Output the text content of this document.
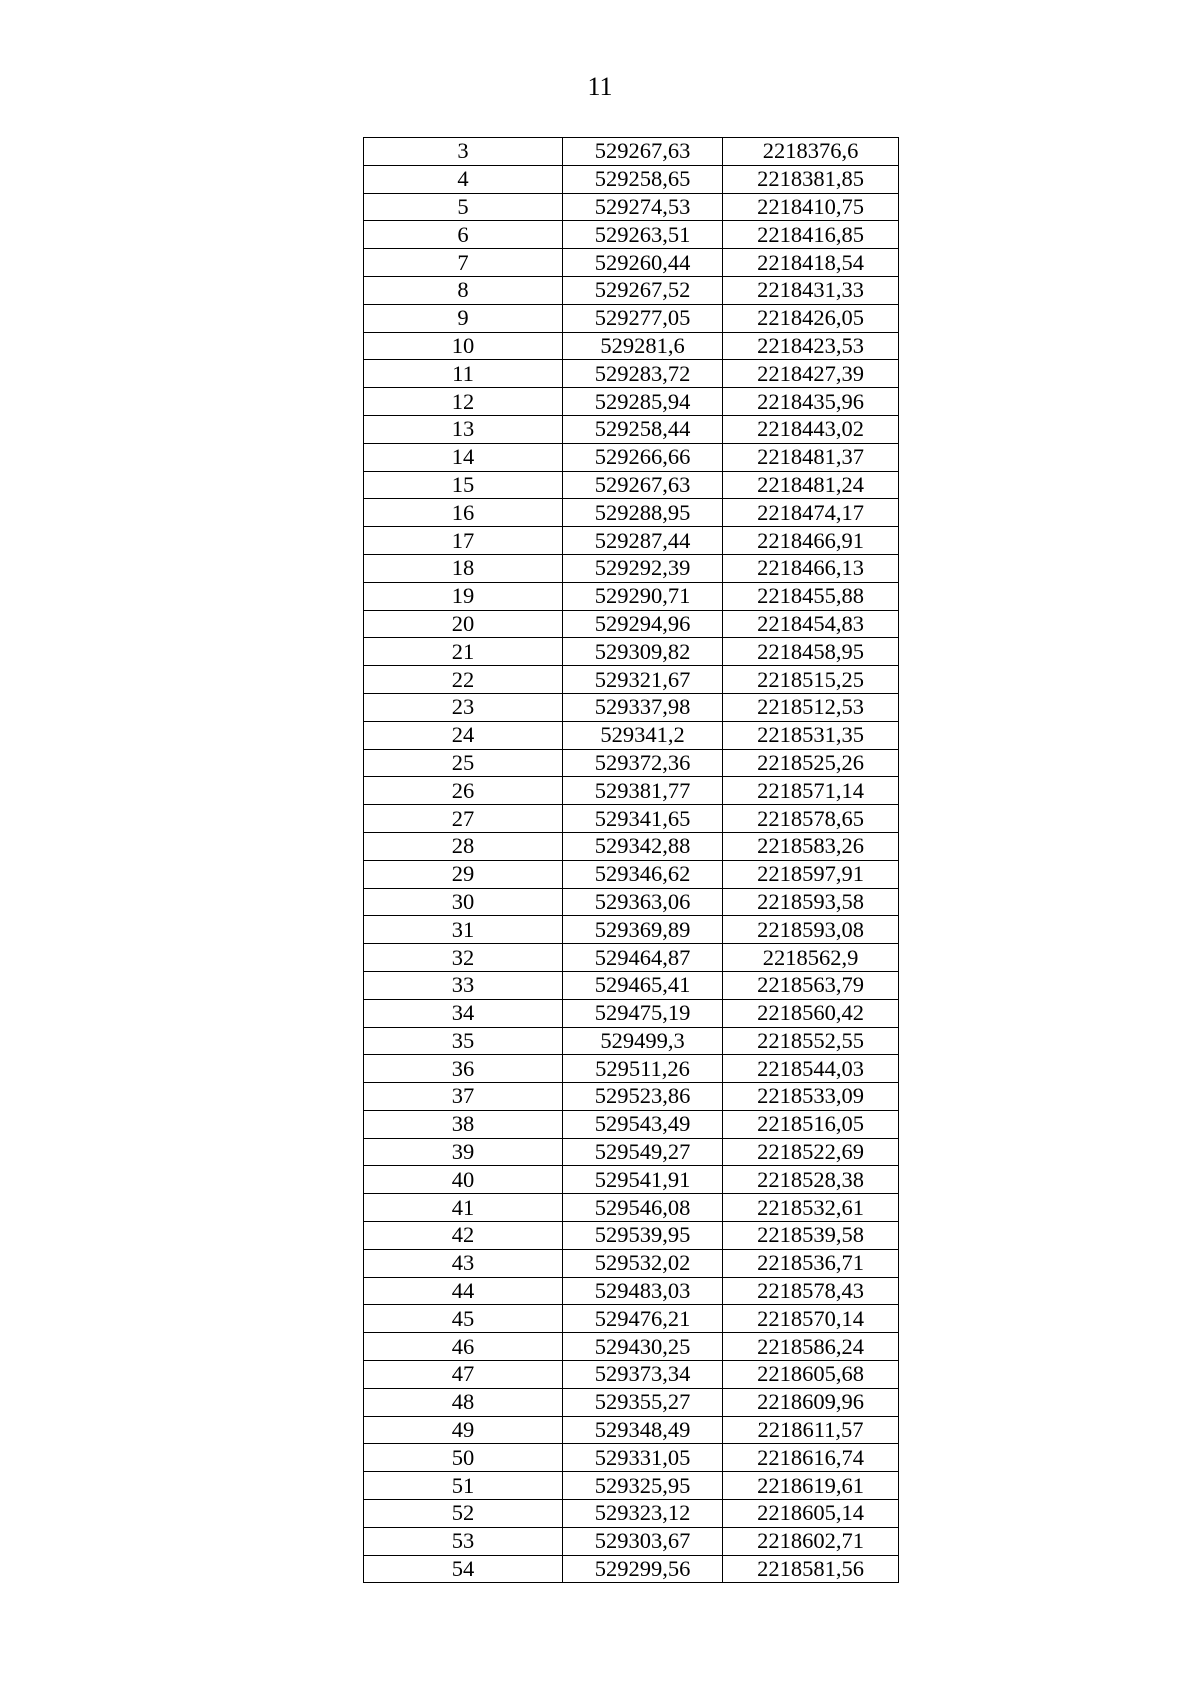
11
3	529267,63	2218376,6
4	529258,65	2218381,85
5	529274,53	2218410,75
6	529263,51	2218416,85
7	529260,44	2218418,54
8	529267,52	2218431,33
9	529277,05	2218426,05
10	529281,6	2218423,53
11	529283,72	2218427,39
12	529285,94	2218435,96
13	529258,44	2218443,02
14	529266,66	2218481,37
15	529267,63	2218481,24
16	529288,95	2218474,17
17	529287,44	2218466,91
18	529292,39	2218466,13
19	529290,71	2218455,88
20	529294,96	2218454,83
21	529309,82	2218458,95
22	529321,67	2218515,25
23	529337,98	2218512,53
24	529341,2	2218531,35
25	529372,36	2218525,26
26	529381,77	2218571,14
27	529341,65	2218578,65
28	529342,88	2218583,26
29	529346,62	2218597,91
30	529363,06	2218593,58
31	529369,89	2218593,08
32	529464,87	2218562,9
33	529465,41	2218563,79
34	529475,19	2218560,42
35	529499,3	2218552,55
36	529511,26	2218544,03
37	529523,86	2218533,09
38	529543,49	2218516,05
39	529549,27	2218522,69
40	529541,91	2218528,38
41	529546,08	2218532,61
42	529539,95	2218539,58
43	529532,02	2218536,71
44	529483,03	2218578,43
45	529476,21	2218570,14
46	529430,25	2218586,24
47	529373,34	2218605,68
48	529355,27	2218609,96
49	529348,49	2218611,57
50	529331,05	2218616,74
51	529325,95	2218619,61
52	529323,12	2218605,14
53	529303,67	2218602,71
54	529299,56	2218581,56
